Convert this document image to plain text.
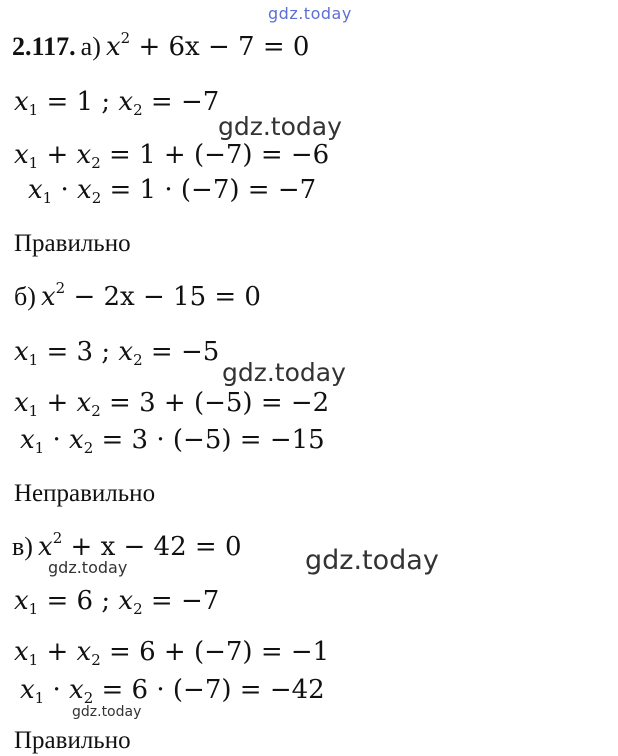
gdz.today
gdz.today
gdz.today
gdz.today
gdz.today
gdz.today
2.117. а) $x^2 + 6x - 7 = 0$
$x_1 = 1$ ; $x_2 = -7$
$x_1 + x_2 = 1 + (-7) = -6$
$x_1 \cdot x_2 = 1 \cdot (-7) = -7$
Правильно
б) $x^2 - 2x - 15 = 0$
$x_1 = 3$ ; $x_2 = -5$
$x_1 + x_2 = 3 + (-5) = -2$
$x_1 \cdot x_2 = 3 \cdot (-5) = -15$
Неправильно
в) $x^2 + x - 42 = 0$
$x_1 = 6$ ; $x_2 = -7$
$x_1 + x_2 = 6 + (-7) = -1$
$x_1 \cdot x_2 = 6 \cdot (-7) = -42$
Правильно
